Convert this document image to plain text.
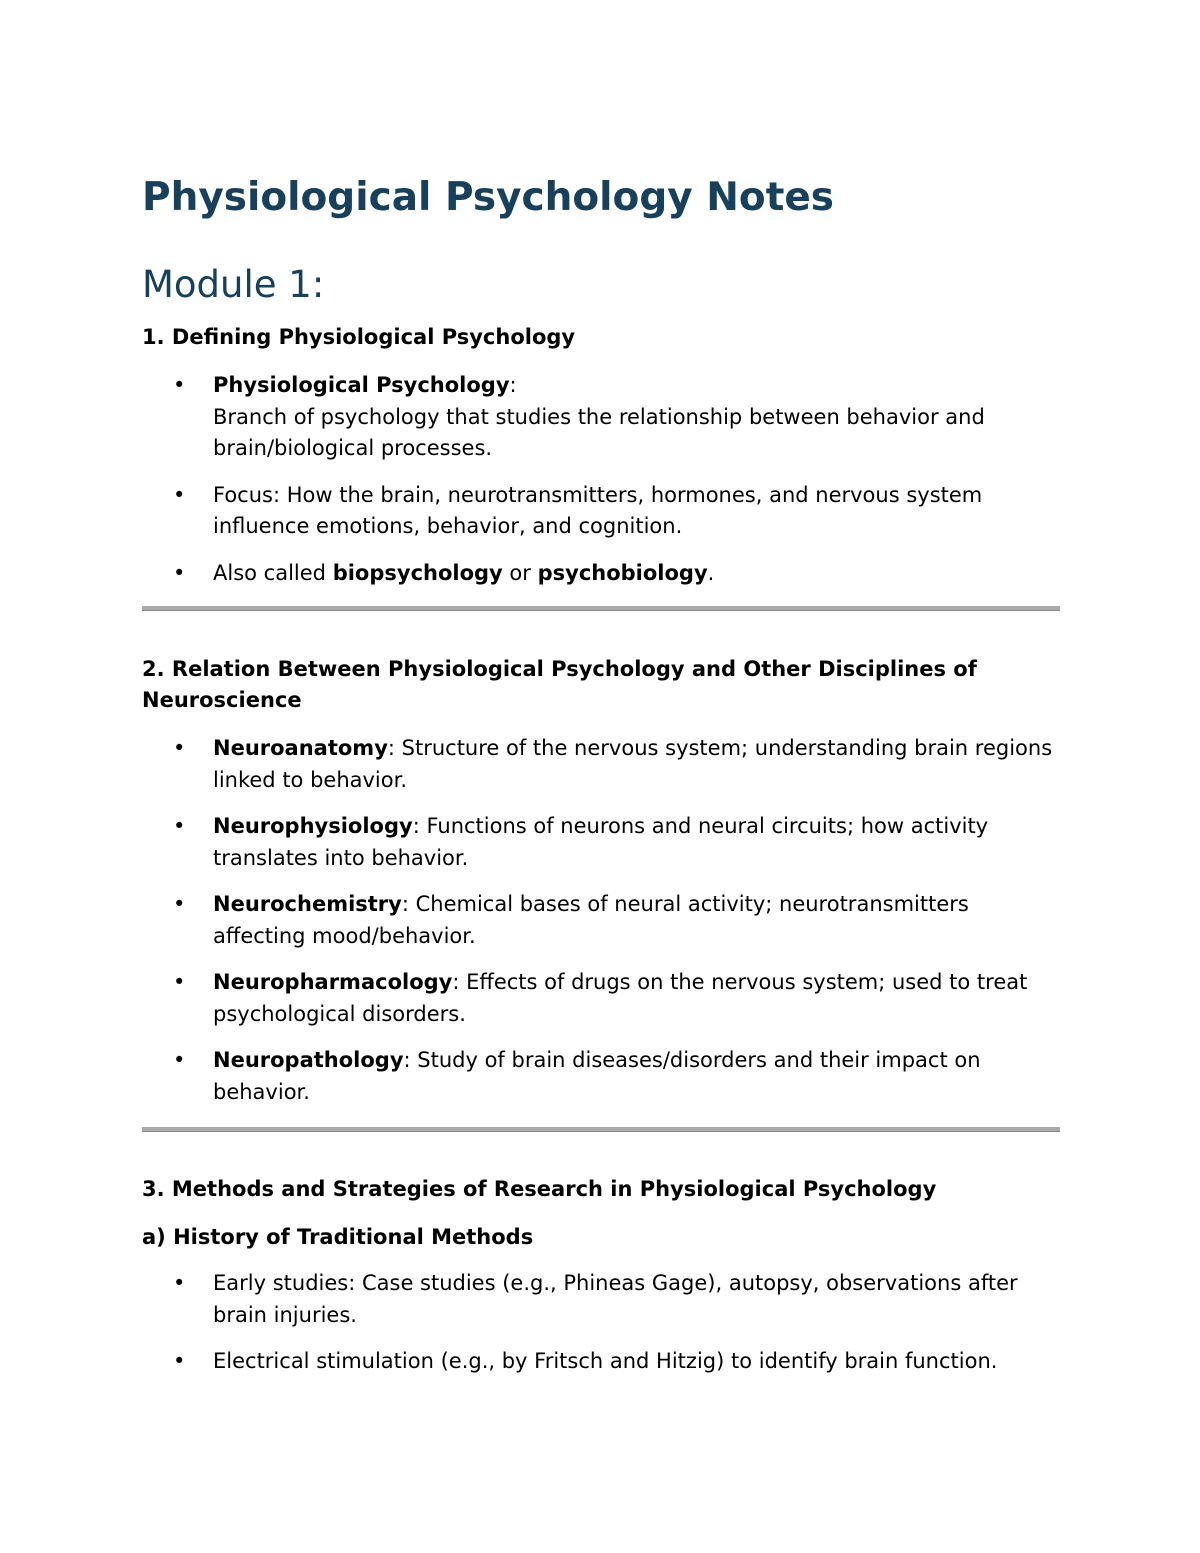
Physiological Psychology Notes
Module 1:
1. Defining Physiological Psychology
• Physiological Psychology:
Branch of psychology that studies the relationship between behavior and brain/biological processes.
• Focus: How the brain, neurotransmitters, hormones, and nervous system influence emotions, behavior, and cognition.
• Also called biopsychology or psychobiology.
2. Relation Between Physiological Psychology and Other Disciplines of Neuroscience
• Neuroanatomy: Structure of the nervous system; understanding brain regions linked to behavior.
• Neurophysiology: Functions of neurons and neural circuits; how activity translates into behavior.
• Neurochemistry: Chemical bases of neural activity; neurotransmitters affecting mood/behavior.
• Neuropharmacology: Effects of drugs on the nervous system; used to treat psychological disorders.
• Neuropathology: Study of brain diseases/disorders and their impact on behavior.
3. Methods and Strategies of Research in Physiological Psychology
a) History of Traditional Methods
• Early studies: Case studies (e.g., Phineas Gage), autopsy, observations after brain injuries.
• Electrical stimulation (e.g., by Fritsch and Hitzig) to identify brain function.
